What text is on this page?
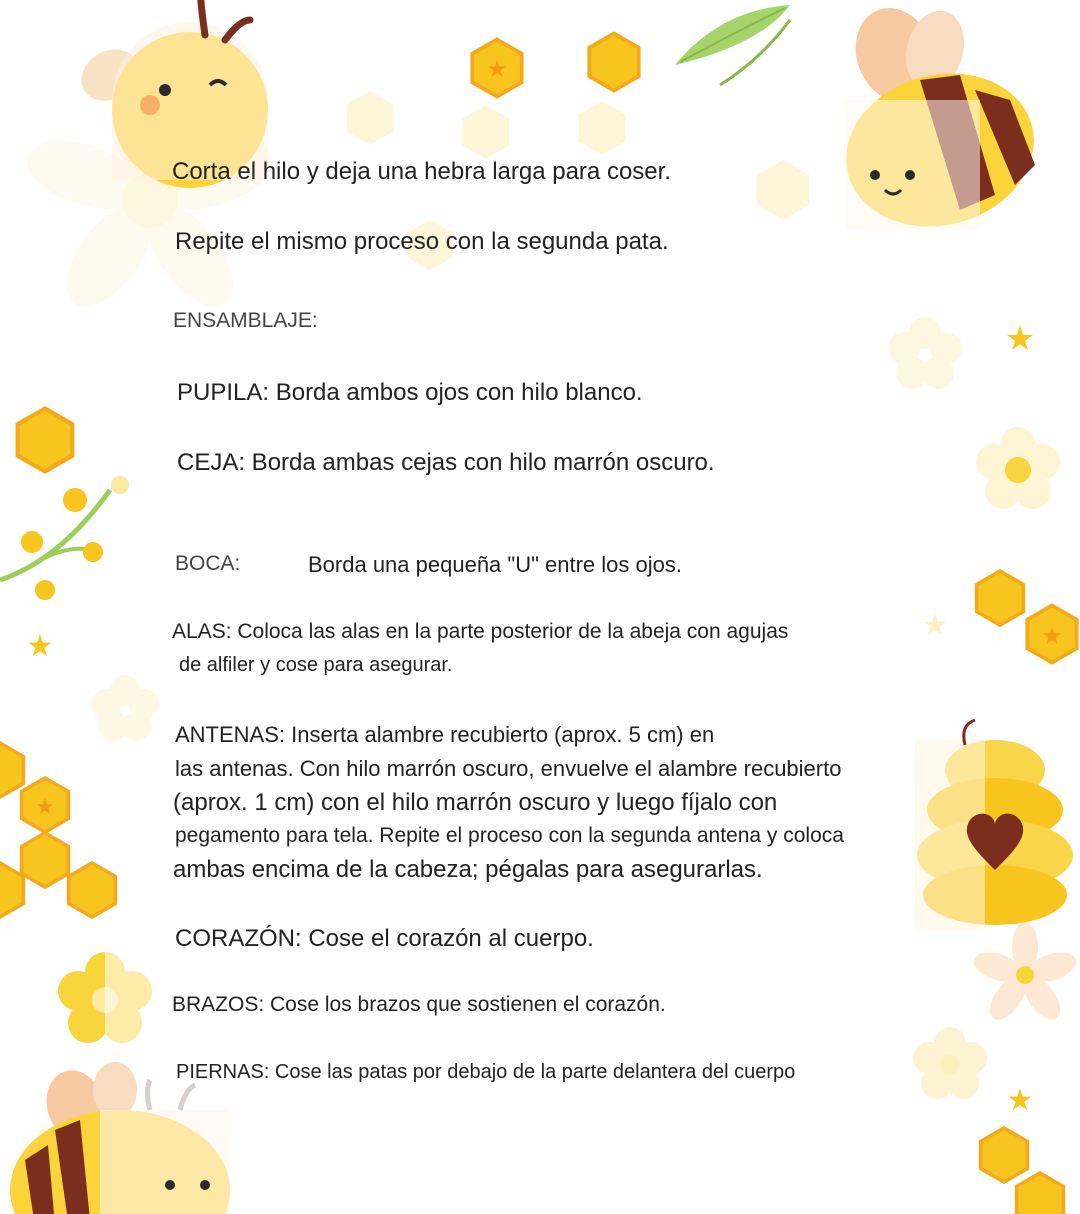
★
★
★
★
★	★
★
Corta el hilo y deja una hebra larga para coser.
Repite el mismo proceso con la segunda pata.
ENSAMBLAJE:
PUPILA: Borda ambos ojos con hilo blanco.
CEJA: Borda ambas cejas con hilo marrón oscuro.
BOCA:	Borda una pequeña "U" entre los ojos.
ALAS: Coloca las alas en la parte posterior de la abeja con agujas
de alfiler y cose para asegurar.
ANTENAS: Inserta alambre recubierto (aprox. 5 cm) en
las antenas. Con hilo marrón oscuro, envuelve el alambre recubierto
(aprox. 1 cm) con el hilo marrón oscuro y luego fíjalo con
pegamento para tela. Repite el proceso con la segunda antena y coloca
ambas encima de la cabeza; pégalas para asegurarlas.
CORAZÓN: Cose el corazón al cuerpo.
BRAZOS: Cose los brazos que sostienen el corazón.
PIERNAS: Cose las patas por debajo de la parte delantera del cuerpo
